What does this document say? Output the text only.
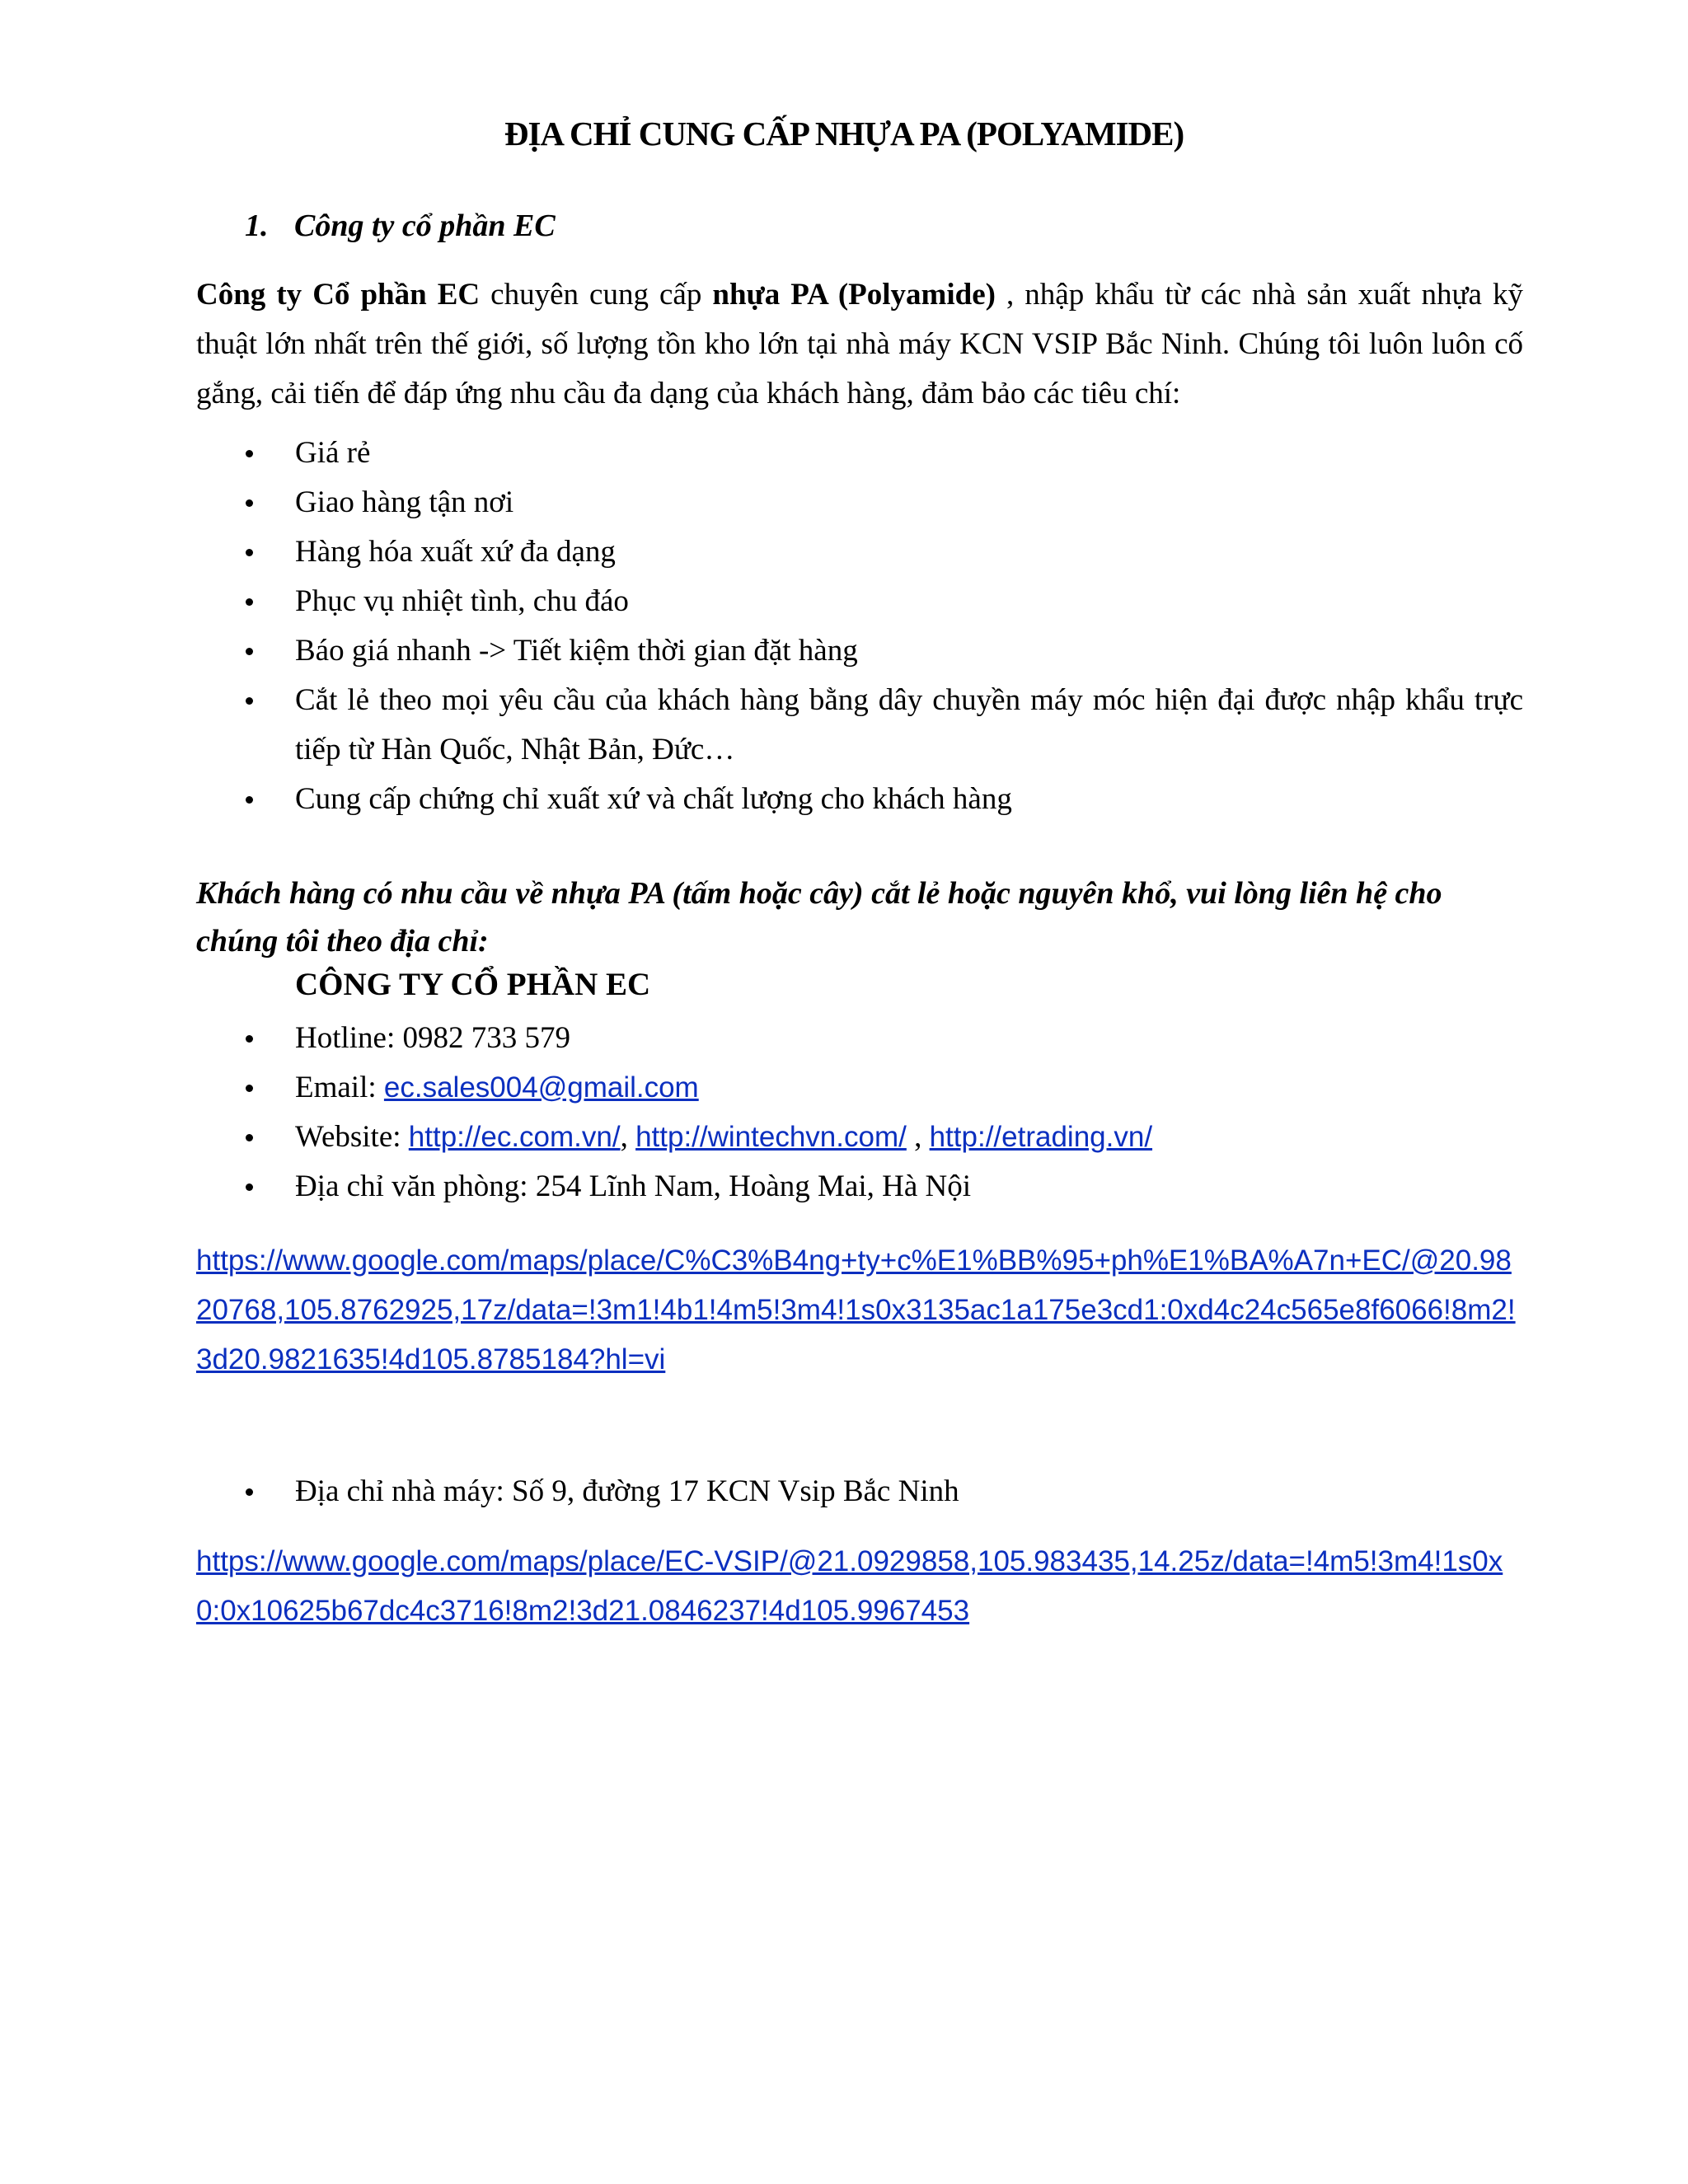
ĐỊA CHỈ CUNG CẤP NHỰA PA (POLYAMIDE)
1. Công ty cổ phần EC
Công ty Cổ phần EC chuyên cung cấp nhựa PA (Polyamide) , nhập khẩu từ các nhà sản xuất nhựa kỹ thuật lớn nhất trên thế giới, số lượng tồn kho lớn tại nhà máy KCN VSIP Bắc Ninh. Chúng tôi luôn luôn cố gắng, cải tiến để đáp ứng nhu cầu đa dạng của khách hàng, đảm bảo các tiêu chí:
Giá rẻ
Giao hàng tận nơi
Hàng hóa xuất xứ đa dạng
Phục vụ nhiệt tình, chu đáo
Báo giá nhanh -> Tiết kiệm thời gian đặt hàng
Cắt lẻ theo mọi yêu cầu của khách hàng bằng dây chuyền máy móc hiện đại được nhập khẩu trực tiếp từ Hàn Quốc, Nhật Bản, Đức…
Cung cấp chứng chỉ xuất xứ và chất lượng cho khách hàng
Khách hàng có nhu cầu về nhựa PA (tấm hoặc cây) cắt lẻ hoặc nguyên khổ, vui lòng liên hệ cho chúng tôi theo địa chỉ:
CÔNG TY CỔ PHẦN EC
Hotline: 0982 733 579
Email: ec.sales004@gmail.com
Website: http://ec.com.vn/, http://wintechvn.com/ , http://etrading.vn/
Địa chỉ văn phòng: 254 Lĩnh Nam, Hoàng Mai, Hà Nội
https://www.google.com/maps/place/C%C3%B4ng+ty+c%E1%BB%95+ph%E1%BA%A7n+EC/@20.9820768,105.8762925,17z/data=!3m1!4b1!4m5!3m4!1s0x3135ac1a175e3cd1:0xd4c24c565e8f6066!8m2!3d20.9821635!4d105.8785184?hl=vi
Địa chỉ nhà máy: Số 9, đường 17 KCN Vsip Bắc Ninh
https://www.google.com/maps/place/EC-VSIP/@21.0929858,105.983435,14.25z/data=!4m5!3m4!1s0x0:0x10625b67dc4c3716!8m2!3d21.0846237!4d105.9967453
